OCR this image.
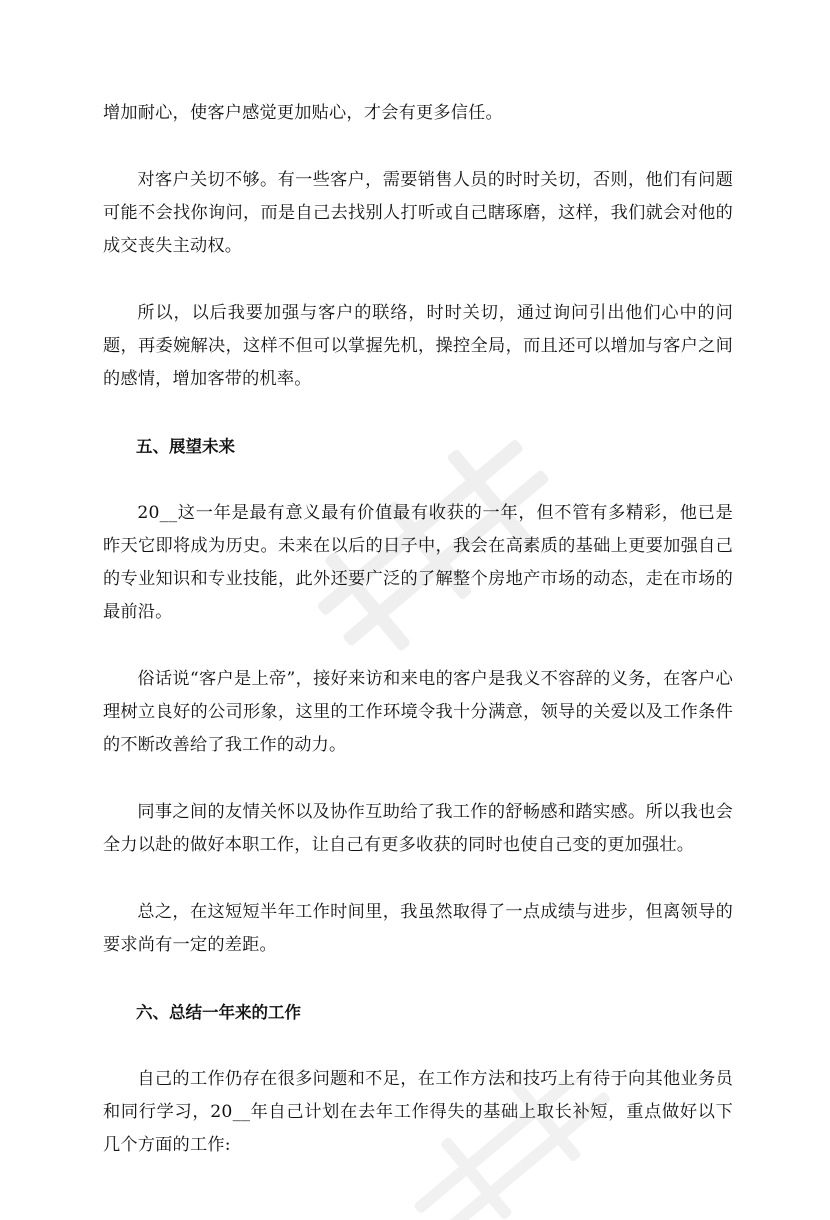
增加耐心，使客户感觉更加贴心，才会有更多信任。

对客户关切不够。有一些客户，需要销售人员的时时关切，否则，他们有问题可能不会找你询问，而是自己去找别人打听或自己瞎琢磨，这样，我们就会对他的成交丧失主动权。

所以，以后我要加强与客户的联络，时时关切，通过询问引出他们心中的问题，再委婉解决，这样不但可以掌握先机，操控全局，而且还可以增加与客户之间的感情，增加客带的机率。

五、展望未来

20__这一年是最有意义最有价值最有收获的一年，但不管有多精彩，他已是昨天它即将成为历史。未来在以后的日子中，我会在高素质的基础上更要加强自己的专业知识和专业技能，此外还要广泛的了解整个房地产市场的动态，走在市场的最前沿。

俗话说“客户是上帝”，接好来访和来电的客户是我义不容辞的义务，在客户心理树立良好的公司形象，这里的工作环境令我十分满意，领导的关爱以及工作条件的不断改善给了我工作的动力。

同事之间的友情关怀以及协作互助给了我工作的舒畅感和踏实感。所以我也会全力以赴的做好本职工作，让自己有更多收获的同时也使自己变的更加强壮。

总之，在这短短半年工作时间里，我虽然取得了一点成绩与进步，但离领导的要求尚有一定的差距。

六、总结一年来的工作

自己的工作仍存在很多问题和不足，在工作方法和技巧上有待于向其他业务员和同行学习，20__年自己计划在去年工作得失的基础上取长补短，重点做好以下几个方面的工作:
